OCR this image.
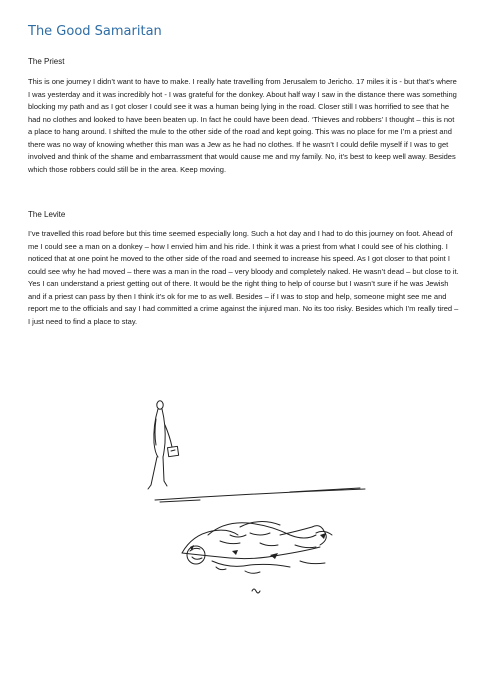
The Good Samaritan
The Priest

This is one journey I didn’t want to have to make. I really hate travelling from Jerusalem to Jericho. 17 miles it is - but that’s where I was yesterday and it was incredibly hot - I was grateful for the donkey. About half way I saw in the distance there was something blocking my path and as I got closer I could see it was a human being lying in the road. Closer still I was horrified to see that he had no clothes and looked to have been beaten up. In fact he could have been dead. ‘Thieves and robbers’ I thought – this is not a place to hang around. I shifted the mule to the other side of the road and kept going. This was no place for me I’m a priest and there was no way of knowing whether this man was a Jew as he had no clothes. If he wasn’t I could defile myself if I was to get involved and think of the shame and embarrassment that would cause me and my family. No, it’s best to keep well away. Besides which those robbers could still be in the area. Keep moving.

The Levite

I’ve travelled this road before but this time seemed especially long. Such a hot day and I had to do this journey on foot. Ahead of me I could see a man on a donkey – how I envied him and his ride. I think it was a priest from what I could see of his clothing. I noticed that at one point he moved to the other side of the road and seemed to increase his speed. As I got closer to that point I could see why he had moved – there was a man in the road – very bloody and completely naked. He wasn’t dead – but close to it. Yes I can understand a priest getting out of there. It would be the right thing to help of course but I wasn’t sure if he was Jewish and if a priest can pass by then I think it’s ok for me to as well. Besides – if I was to stop and help, someone might see me and report me to the officials and say I had committed a crime against the injured man. No its too risky. Besides which I’m really tired – I just need to find a place to stay.
